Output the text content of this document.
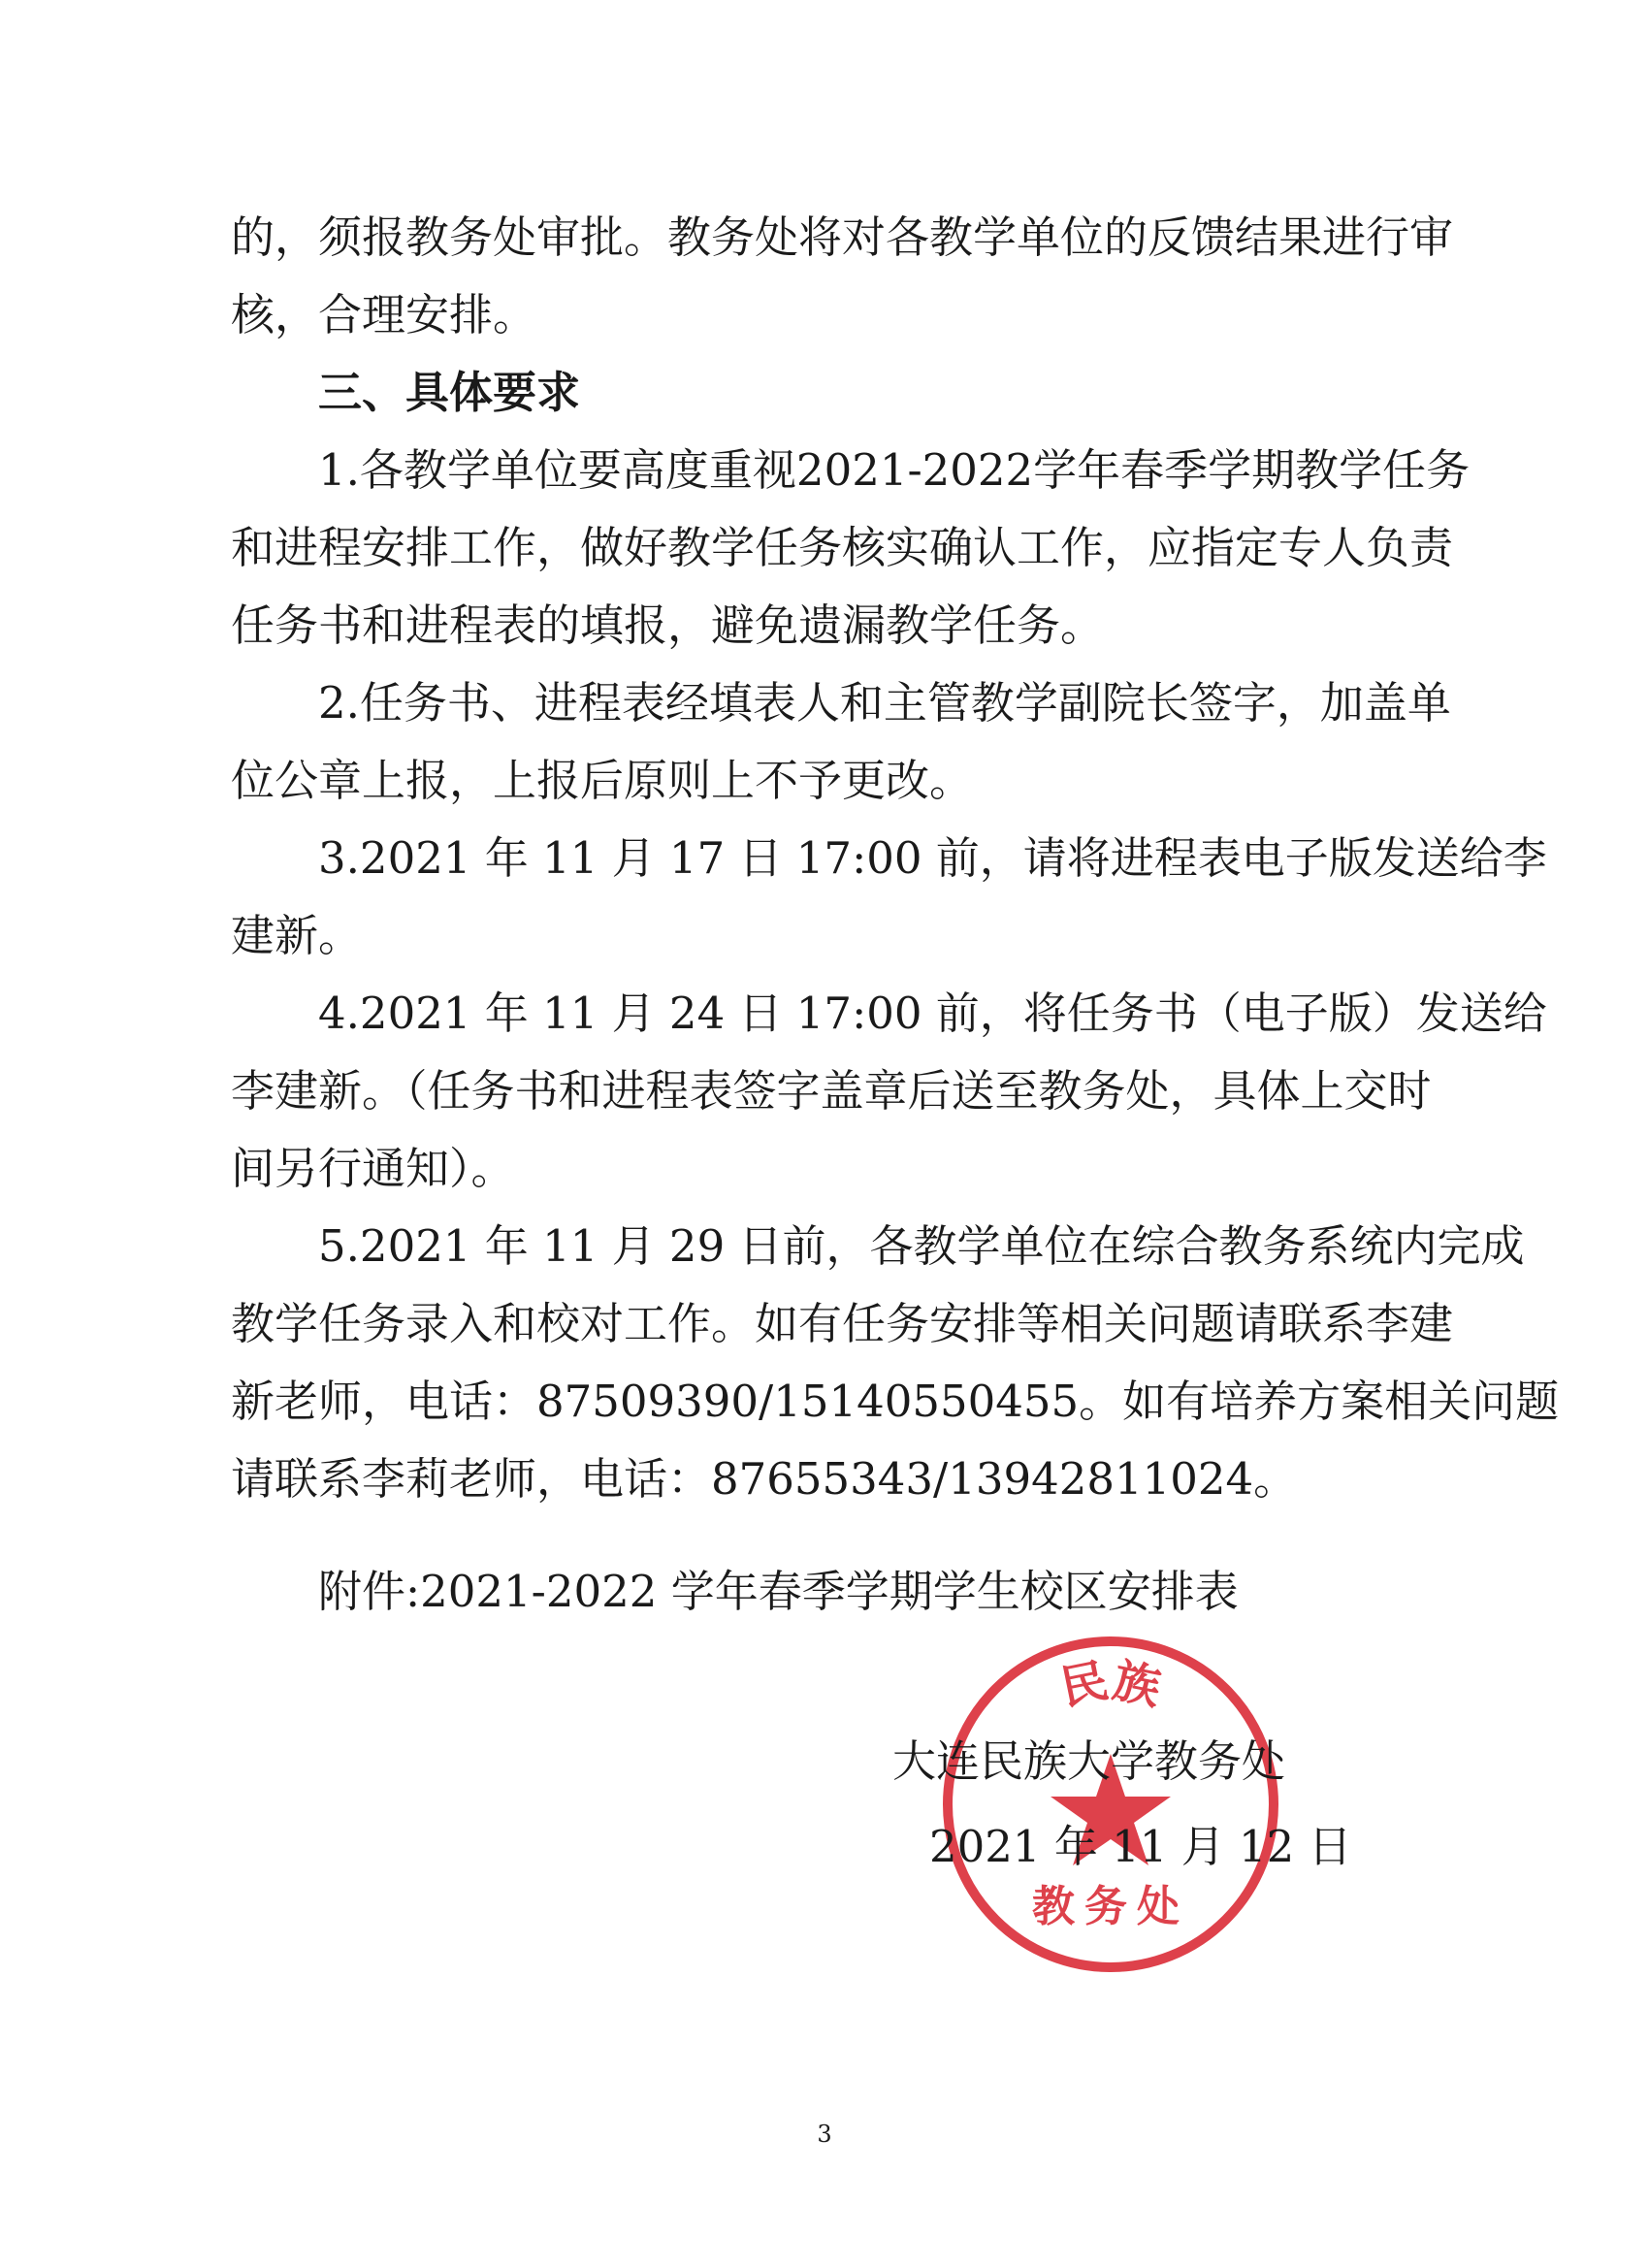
的，须报教务处审批。教务处将对各教学单位的反馈结果进行审
核，合理安排。
三、具体要求
1.各教学单位要高度重视2021-2022学年春季学期教学任务
和进程安排工作，做好教学任务核实确认工作，应指定专人负责
任务书和进程表的填报，避免遗漏教学任务。
2.任务书、进程表经填表人和主管教学副院长签字，加盖单
位公章上报，上报后原则上不予更改。
3.2021 年 11 月 17 日 17:00 前，请将进程表电子版发送给李
建新。
4.2021 年 11 月 24 日 17:00 前，将任务书（电子版）发送给
李建新。（任务书和进程表签字盖章后送至教务处，具体上交时
间另行通知）。
5.2021 年 11 月 29 日前，各教学单位在综合教务系统内完成
教学任务录入和校对工作。如有任务安排等相关问题请联系李建
新老师，电话：87509390/15140550455。如有培养方案相关问题
请联系李莉老师，电话：87655343/13942811024。
附件:2021-2022 学年春季学期学生校区安排表
民族
教务处
大连民族大学教务处
2021 年 11 月 12 日
3
